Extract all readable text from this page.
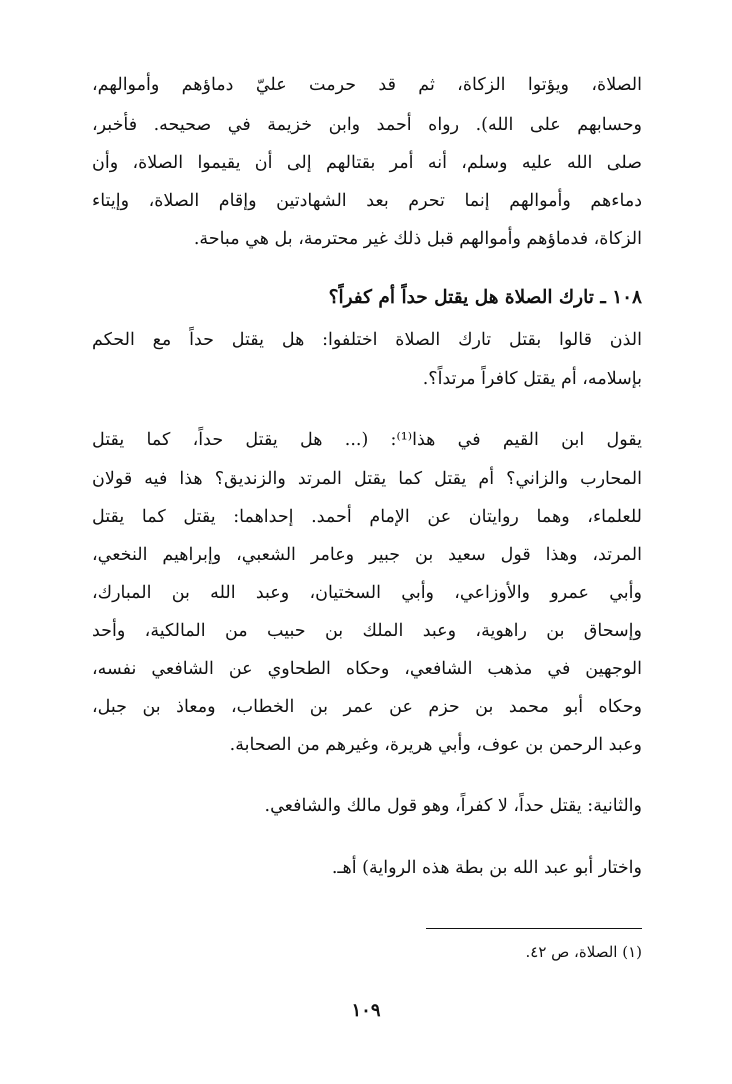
الصلاة، ويؤتوا الزكاة، ثم قد حرمت عليّ دماؤهم وأموالهم،
وحسابهم على الله). رواه أحمد وابن خزيمة في صحيحه. فأخبر،
صلى الله عليه وسلم، أنه أمر بقتالهم إلى أن يقيموا الصلاة، وأن
دماءهم وأموالهم إنما تحرم بعد الشهادتين وإقام الصلاة، وإيتاء
الزكاة، فدماؤهم وأموالهم قبل ذلك غير محترمة، بل هي مباحة.
١٠٨ ـ تارك الصلاة هل يقتل حداً أم كفراً؟
الذن قالوا بقتل تارك الصلاة اختلفوا: هل يقتل حداً مع الحكم
بإسلامه، أم يقتل كافراً مرتداً؟.
يقول ابن القيم في هذا⁽¹⁾: (... هل يقتل حداً، كما يقتل
المحارب والزاني؟ أم يقتل كما يقتل المرتد والزنديق؟ هذا فيه قولان
للعلماء، وهما روايتان عن الإمام أحمد. إحداهما: يقتل كما يقتل
المرتد، وهذا قول سعيد بن جبير وعامر الشعبي، وإبراهيم النخعي،
وأبي عمرو والأوزاعي، وأبي السختيان، وعبد الله بن المبارك،
وإسحاق بن راهوية، وعبد الملك بن حبيب من المالكية، وأحد
الوجهين في مذهب الشافعي، وحكاه الطحاوي عن الشافعي نفسه،
وحكاه أبو محمد بن حزم عن عمر بن الخطاب، ومعاذ بن جبل،
وعبد الرحمن بن عوف، وأبي هريرة، وغيرهم من الصحابة.
والثانية: يقتل حداً، لا كفراً، وهو قول مالك والشافعي.
واختار أبو عبد الله بن بطة هذه الرواية) أهـ.
(١) الصلاة، ص ٤٢.
١٠٩
